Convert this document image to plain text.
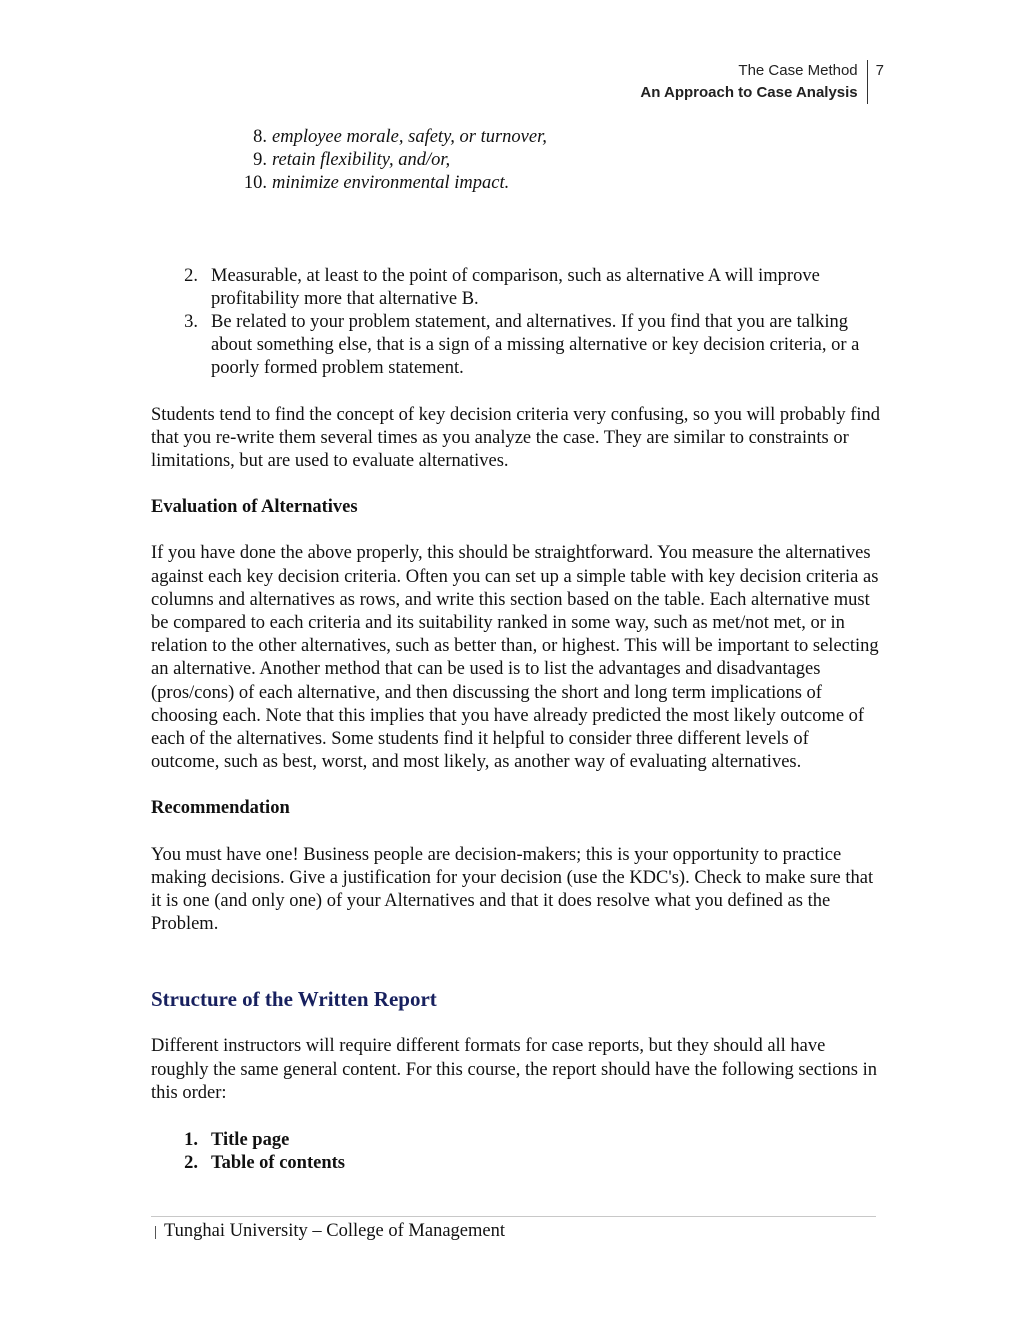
The Case Method
An Approach to Case Analysis
7
8. employee morale, safety, or turnover,
9. retain flexibility, and/or,
10. minimize environmental impact.
2. Measurable, at least to the point of comparison, such as alternative A will improve profitability more that alternative B.
3. Be related to your problem statement, and alternatives. If you find that you are talking about something else, that is a sign of a missing alternative or key decision criteria, or a poorly formed problem statement.

Students tend to find the concept of key decision criteria very confusing, so you will probably find that you re-write them several times as you analyze the case. They are similar to constraints or limitations, but are used to evaluate alternatives.

Evaluation of Alternatives

If you have done the above properly, this should be straightforward. You measure the alternatives against each key decision criteria. Often you can set up a simple table with key decision criteria as columns and alternatives as rows, and write this section based on the table. Each alternative must be compared to each criteria and its suitability ranked in some way, such as met/not met, or in relation to the other alternatives, such as better than, or highest. This will be important to selecting an alternative. Another method that can be used is to list the advantages and disadvantages (pros/cons) of each alternative, and then discussing the short and long term implications of choosing each. Note that this implies that you have already predicted the most likely outcome of each of the alternatives. Some students find it helpful to consider three different levels of outcome, such as best, worst, and most likely, as another way of evaluating alternatives.

Recommendation

You must have one! Business people are decision-makers; this is your opportunity to practice making decisions. Give a justification for your decision (use the KDC's). Check to make sure that it is one (and only one) of your Alternatives and that it does resolve what you defined as the Problem.

Structure of the Written Report

Different instructors will require different formats for case reports, but they should all have roughly the same general content. For this course, the report should have the following sections in this order:

1. Title page
2. Table of contents
Tunghai University – College of Management
